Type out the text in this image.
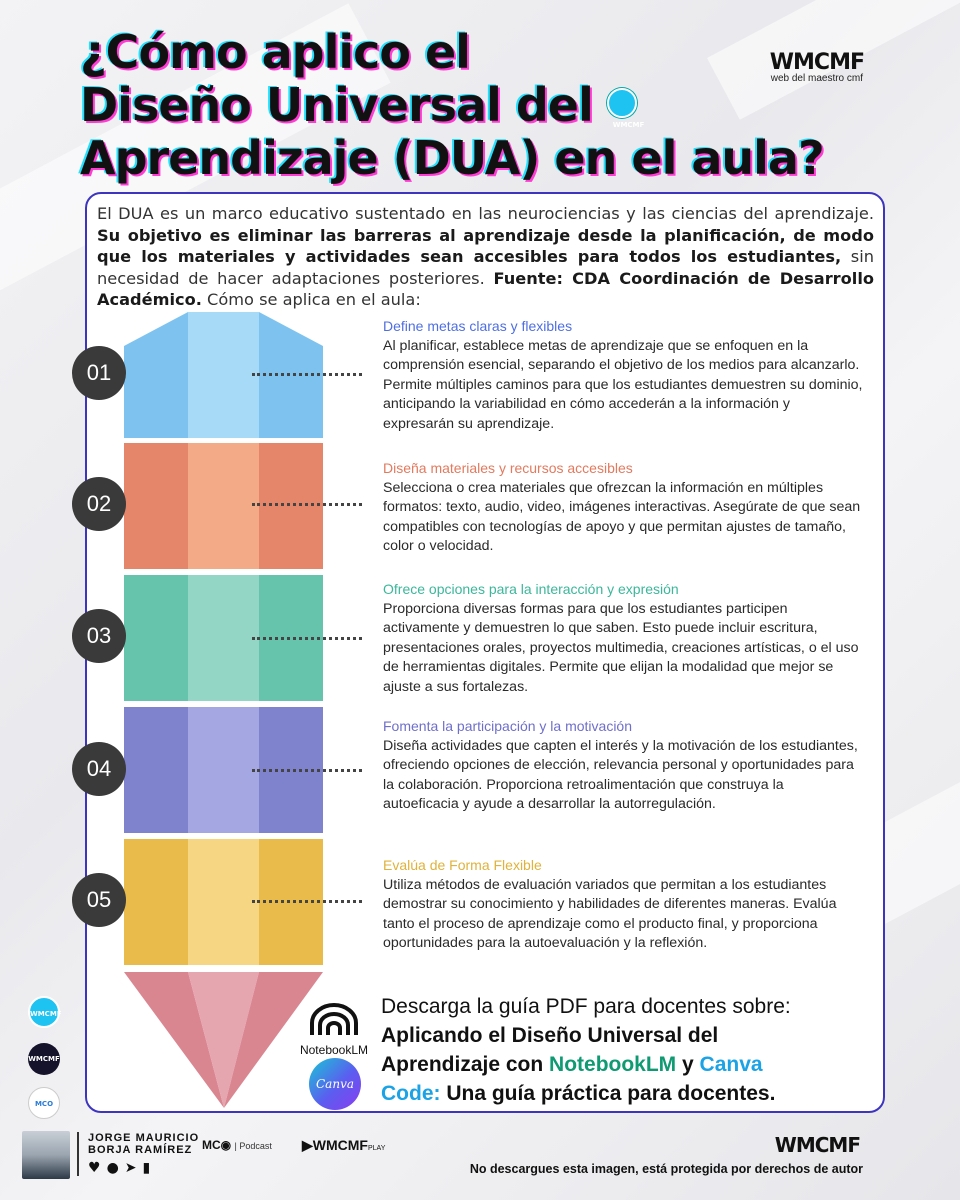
¿Cómo aplico el
Diseño Universal del	WMCMF
Aprendizaje (DUA) en el aula?
WMCMF
web del maestro cmf
El DUA es un marco educativo sustentado en las neurociencias y las ciencias del aprendizaje. Su objetivo es eliminar las barreras al aprendizaje desde la planificación, de modo que los materiales y actividades sean accesibles para todos los estudiantes, sin necesidad de hacer adaptaciones posteriores. Fuente: CDA Coordinación de Desarrollo Académico. Cómo se aplica en el aula:
01
Define metas claras y flexibles

Al planificar, establece metas de aprendizaje que se enfoquen en la comprensión esencial, separando el objetivo de los medios para alcanzarlo. Permite múltiples caminos para que los estudiantes demuestren su dominio, anticipando la variabilidad en cómo accederán a la información y expresarán su aprendizaje.

02
Diseña materiales y recursos accesibles

Selecciona o crea materiales que ofrezcan la información en múltiples formatos: texto, audio, video, imágenes interactivas. Asegúrate de que sean compatibles con tecnologías de apoyo y que permitan ajustes de tamaño, color o velocidad.

03
Ofrece opciones para la interacción y expresión

Proporciona diversas formas para que los estudiantes participen activamente y demuestren lo que saben. Esto puede incluir escritura, presentaciones orales, proyectos multimedia, creaciones artísticas, o el uso de herramientas digitales. Permite que elijan la modalidad que mejor se ajuste a sus fortalezas.

04
Fomenta la participación y la motivación

Diseña actividades que capten el interés y la motivación de los estudiantes, ofreciendo opciones de elección, relevancia personal y oportunidades para la colaboración. Proporciona retroalimentación que construya la autoeficacia y ayude a desarrollar la autorregulación.

05
Evalúa de Forma Flexible

Utiliza métodos de evaluación variados que permitan a los estudiantes demostrar su conocimiento y habilidades de diferentes maneras. Evalúa tanto el proceso de aprendizaje como el producto final, y proporciona oportunidades para la autoevaluación y la reflexión.

NotebookLM
Canva
Descarga la guía PDF para docentes sobre:
Aplicando el Diseño Universal del
Aprendizaje con NotebookLM y Canva
Code: Una guía práctica para docentes.
WMCMF
WMCMF
MCO
JORGE MAURICIO
BORJA RAMÍREZ
♥●➤▮
MC◉ | Podcast ▶WMCMFPLAY	WMCMF
No descargues esta imagen, está protegida por derechos de autor
